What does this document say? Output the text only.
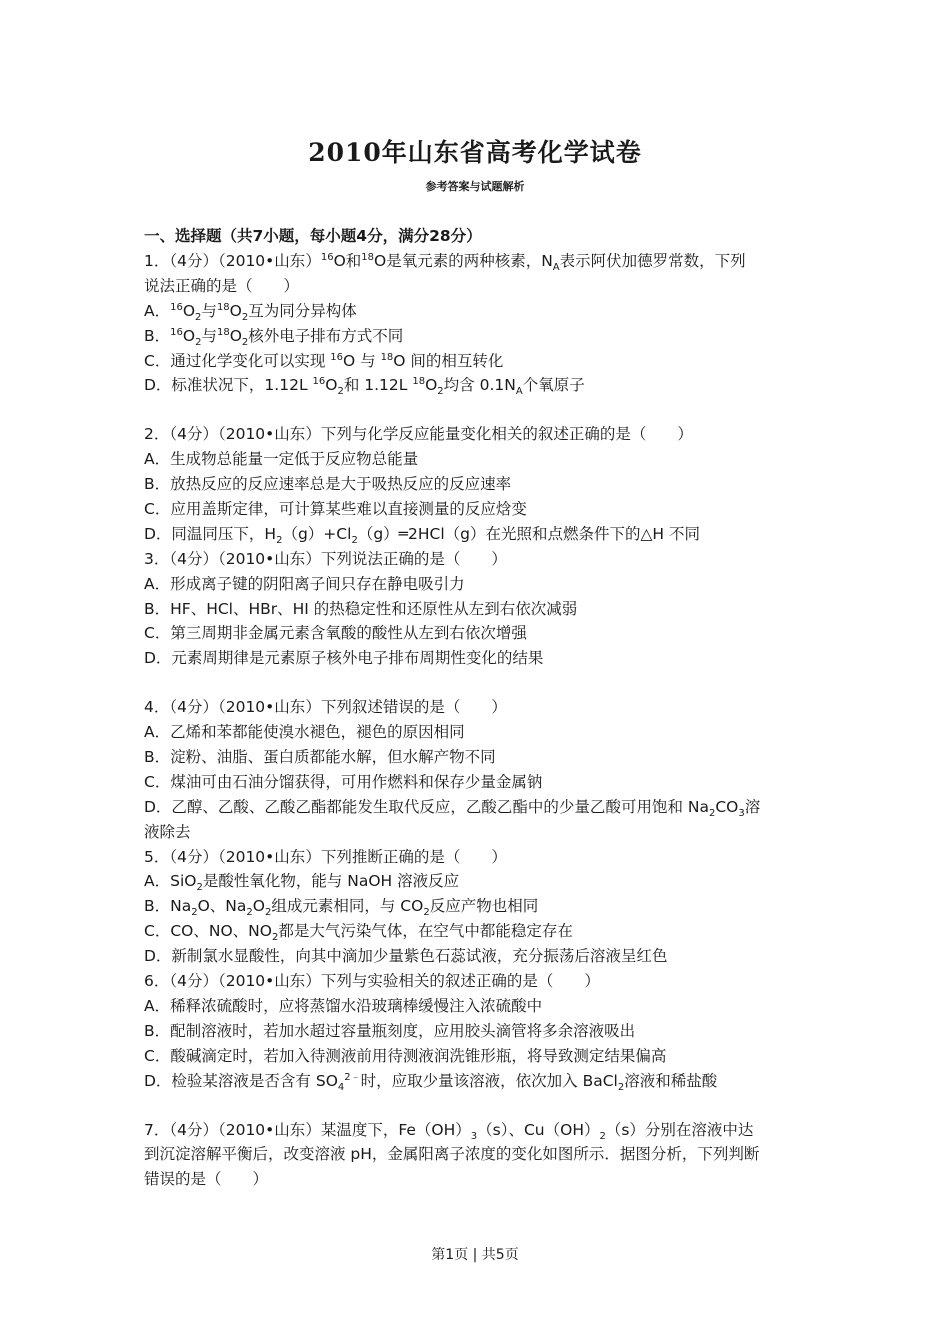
2010年山东省高考化学试卷
参考答案与试题解析
一、选择题（共7小题，每小题4分，满分28分）
1．（4分）（2010•山东）$^{16}$O和$^{18}$O是氧元素的两种核素，$N_A$表示阿伏加德罗常数，下列
说法正确的是（　　）
A．$^{16}O_2$与$^{18}O_2$互为同分异构体
B．$^{16}O_2$与$^{18}O_2$核外电子排布方式不同
C．通过化学变化可以实现 $^{16}$O 与 $^{18}$O 间的相互转化
D．标准状况下，1.12L $^{16}O_2$和 1.12L $^{18}O_2$均含 $0.1N_A$个氧原子
2．（4分）（2010•山东）下列与化学反应能量变化相关的叙述正确的是（　　）
A．生成物总能量一定低于反应物总能量
B．放热反应的反应速率总是大于吸热反应的反应速率
C．应用盖斯定律，可计算某些难以直接测量的反应焓变
D．同温同压下，$H_2(g)+Cl_2(g)═2HCl(g)$在光照和点燃条件下的△H 不同
3．（4分）（2010•山东）下列说法正确的是（　　）
A．形成离子键的阴阳离子间只存在静电吸引力
B．HF、HCl、HBr、HI 的热稳定性和还原性从左到右依次减弱
C．第三周期非金属元素含氧酸的酸性从左到右依次增强
D．元素周期律是元素原子核外电子排布周期性变化的结果
4．（4分）（2010•山东）下列叙述错误的是（　　）
A．乙烯和苯都能使溴水褪色，褪色的原因相同
B．淀粉、油脂、蛋白质都能水解，但水解产物不同
C．煤油可由石油分馏获得，可用作燃料和保存少量金属钠
D．乙醇、乙酸、乙酸乙酯都能发生取代反应，乙酸乙酯中的少量乙酸可用饱和 $Na_2CO_3$溶
液除去
5．（4分）（2010•山东）下列推断正确的是（　　）
A．SiO$_2$是酸性氧化物，能与 NaOH 溶液反应
B．$Na_2O$、$Na_2O_2$组成元素相同，与 $CO_2$反应产物也相同
C．CO、NO、$NO_2$都是大气污染气体，在空气中都能稳定存在
D．新制氯水显酸性，向其中滴加少量紫色石蕊试液，充分振荡后溶液呈红色
6．（4分）（2010•山东）下列与实验相关的叙述正确的是（　　）
A．稀释浓硫酸时，应将蒸馏水沿玻璃棒缓慢注入浓硫酸中
B．配制溶液时，若加水超过容量瓶刻度，应用胶头滴管将多余溶液吸出
C．酸碱滴定时，若加入待测液前用待测液润洗锥形瓶，将导致测定结果偏高
D．检验某溶液是否含有 $SO_4^{2﹣}$时，应取少量该溶液，依次加入 BaCl$_2$溶液和稀盐酸
7．（4分）（2010•山东）某温度下，$Fe(OH)_3(s)$、$Cu(OH)_2(s)$分别在溶液中达
到沉淀溶解平衡后，改变溶液 pH，金属阳离子浓度的变化如图所示．据图分析，下列判断
错误的是（　　）
第1页 | 共5页
